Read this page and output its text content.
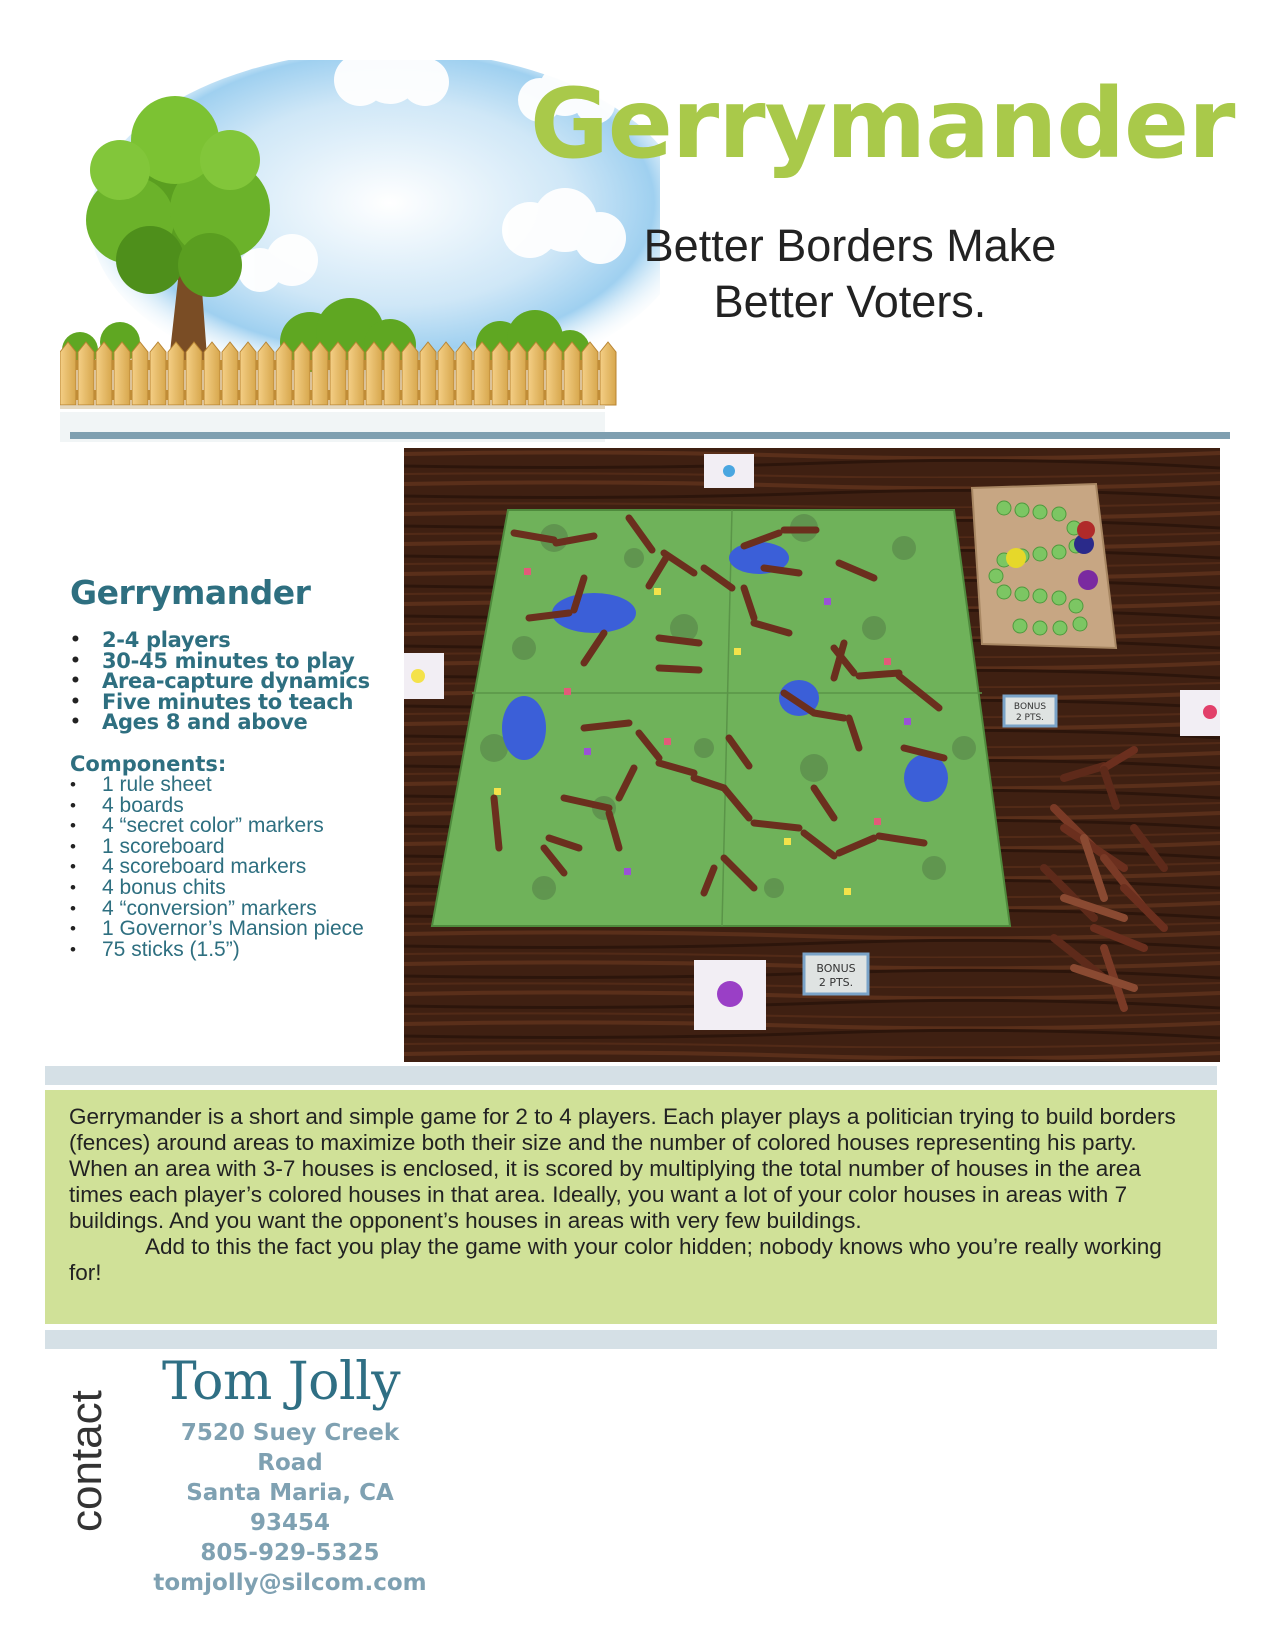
Gerrymander

Better Borders Make
Better Voters.

Gerrymander
• 2-4 players
• 30-45 minutes to play
• Area-capture dynamics
• Five minutes to teach
• Ages 8 and above
Components:
• 1 rule sheet
• 4 boards
• 4 “secret color” markers
• 1 scoreboard
• 4 scoreboard markers
• 4 bonus chits
• 4 “conversion” markers
• 1 Governor’s Mansion piece
• 75 sticks (1.5”)
BONUS
2 PTS.
BONUS
2 PTS.

Gerrymander is a short and simple game for 2 to 4 players. Each player plays a politician trying to build borders (fences) around areas to maximize both their size and the number of colored houses representing his party. When an area with 3-7 houses is enclosed, it is scored by multiplying the total number of houses in the area times each player’s colored houses in that area. Ideally, you want a lot of your color houses in areas with 7 buildings. And you want the opponent’s houses in areas with very few buildings.

Add to this the fact you play the game with your color hidden; nobody knows who you’re really working for!

contact
Tom Jolly
7520 Suey Creek Road
Santa Maria, CA 93454
805-929-5325
tomjolly@silcom.com
